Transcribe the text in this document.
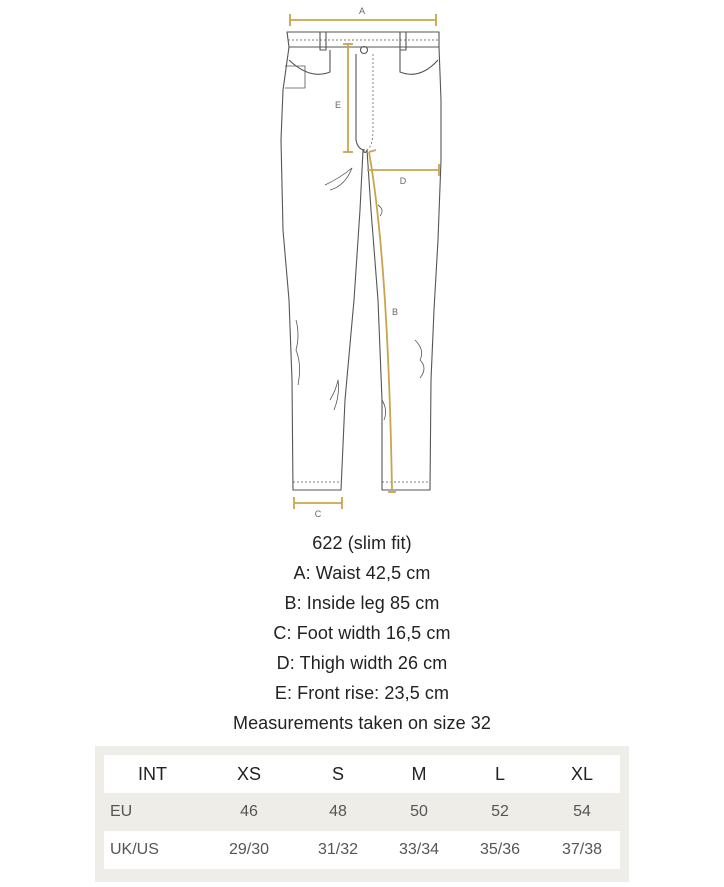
A
E
D
B
C
622 (slim fit)
A: Waist 42,5 cm
B: Inside leg 85 cm
C: Foot width 16,5 cm
D: Thigh width 26 cm
E: Front rise: 23,5 cm
Measurements taken on size 32
INT	XS	S	M	L	XL
EU	46	48	50	52	54
UK/US	29/30	31/32	33/34	35/36	37/38
